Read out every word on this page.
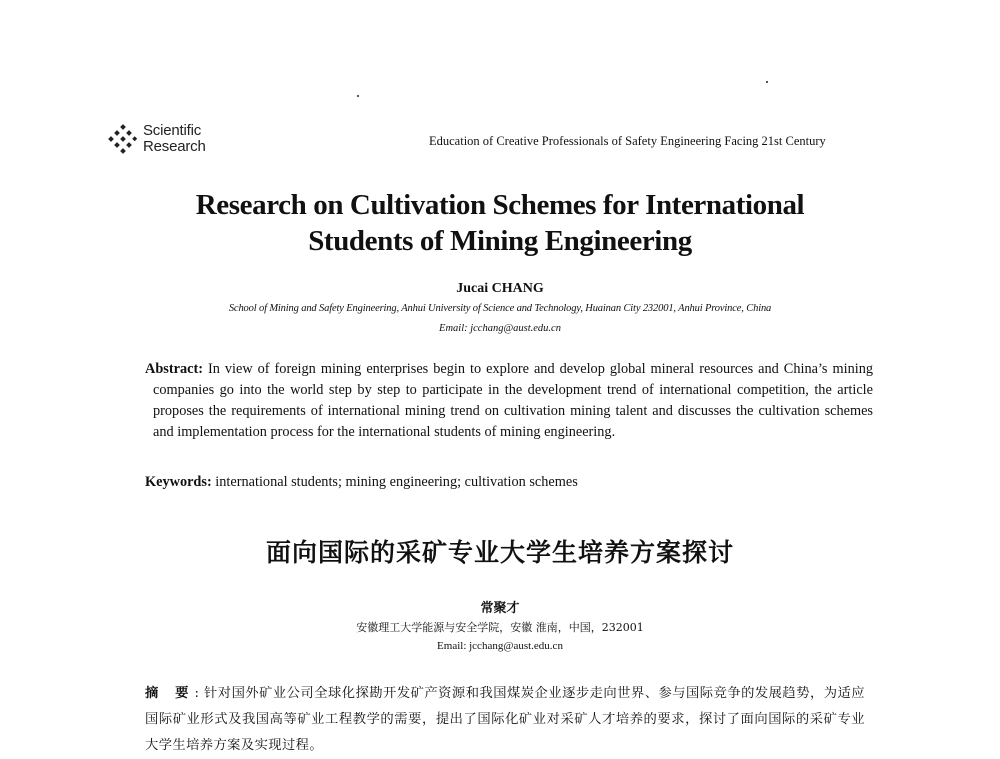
Scientific
Research	Education of Creative Professionals of Safety Engineering Facing 21st Century
Research on Cultivation Schemes for International
Students of Mining Engineering
Jucai CHANG
School of Mining and Safety Engineering, Anhui University of Science and Technology, Huainan City 232001, Anhui Province, China
Email: jcchang@aust.edu.cn
Abstract: In view of foreign mining enterprises begin to explore and develop global mineral resources and China’s mining companies go into the world step by step to participate in the development trend of international competition, the article proposes the requirements of international mining trend on cultivation mining talent and discusses the cultivation schemes and implementation process for the international students of mining engineering.
Keywords: international students; mining engineering; cultivation schemes
面向国际的采矿专业大学生培养方案探讨
常聚才
安徽理工大学能源与安全学院，安徽 淮南，中国，232001
Email: jcchang@aust.edu.cn
摘 要: 针对国外矿业公司全球化探勘开发矿产资源和我国煤炭企业逐步走向世界、参与国际竞争的发展趋势，为适应国际矿业形式及我国高等矿业工程教学的需要，提出了国际化矿业对采矿人才培养的要求，探讨了面向国际的采矿专业大学生培养方案及实现过程。
